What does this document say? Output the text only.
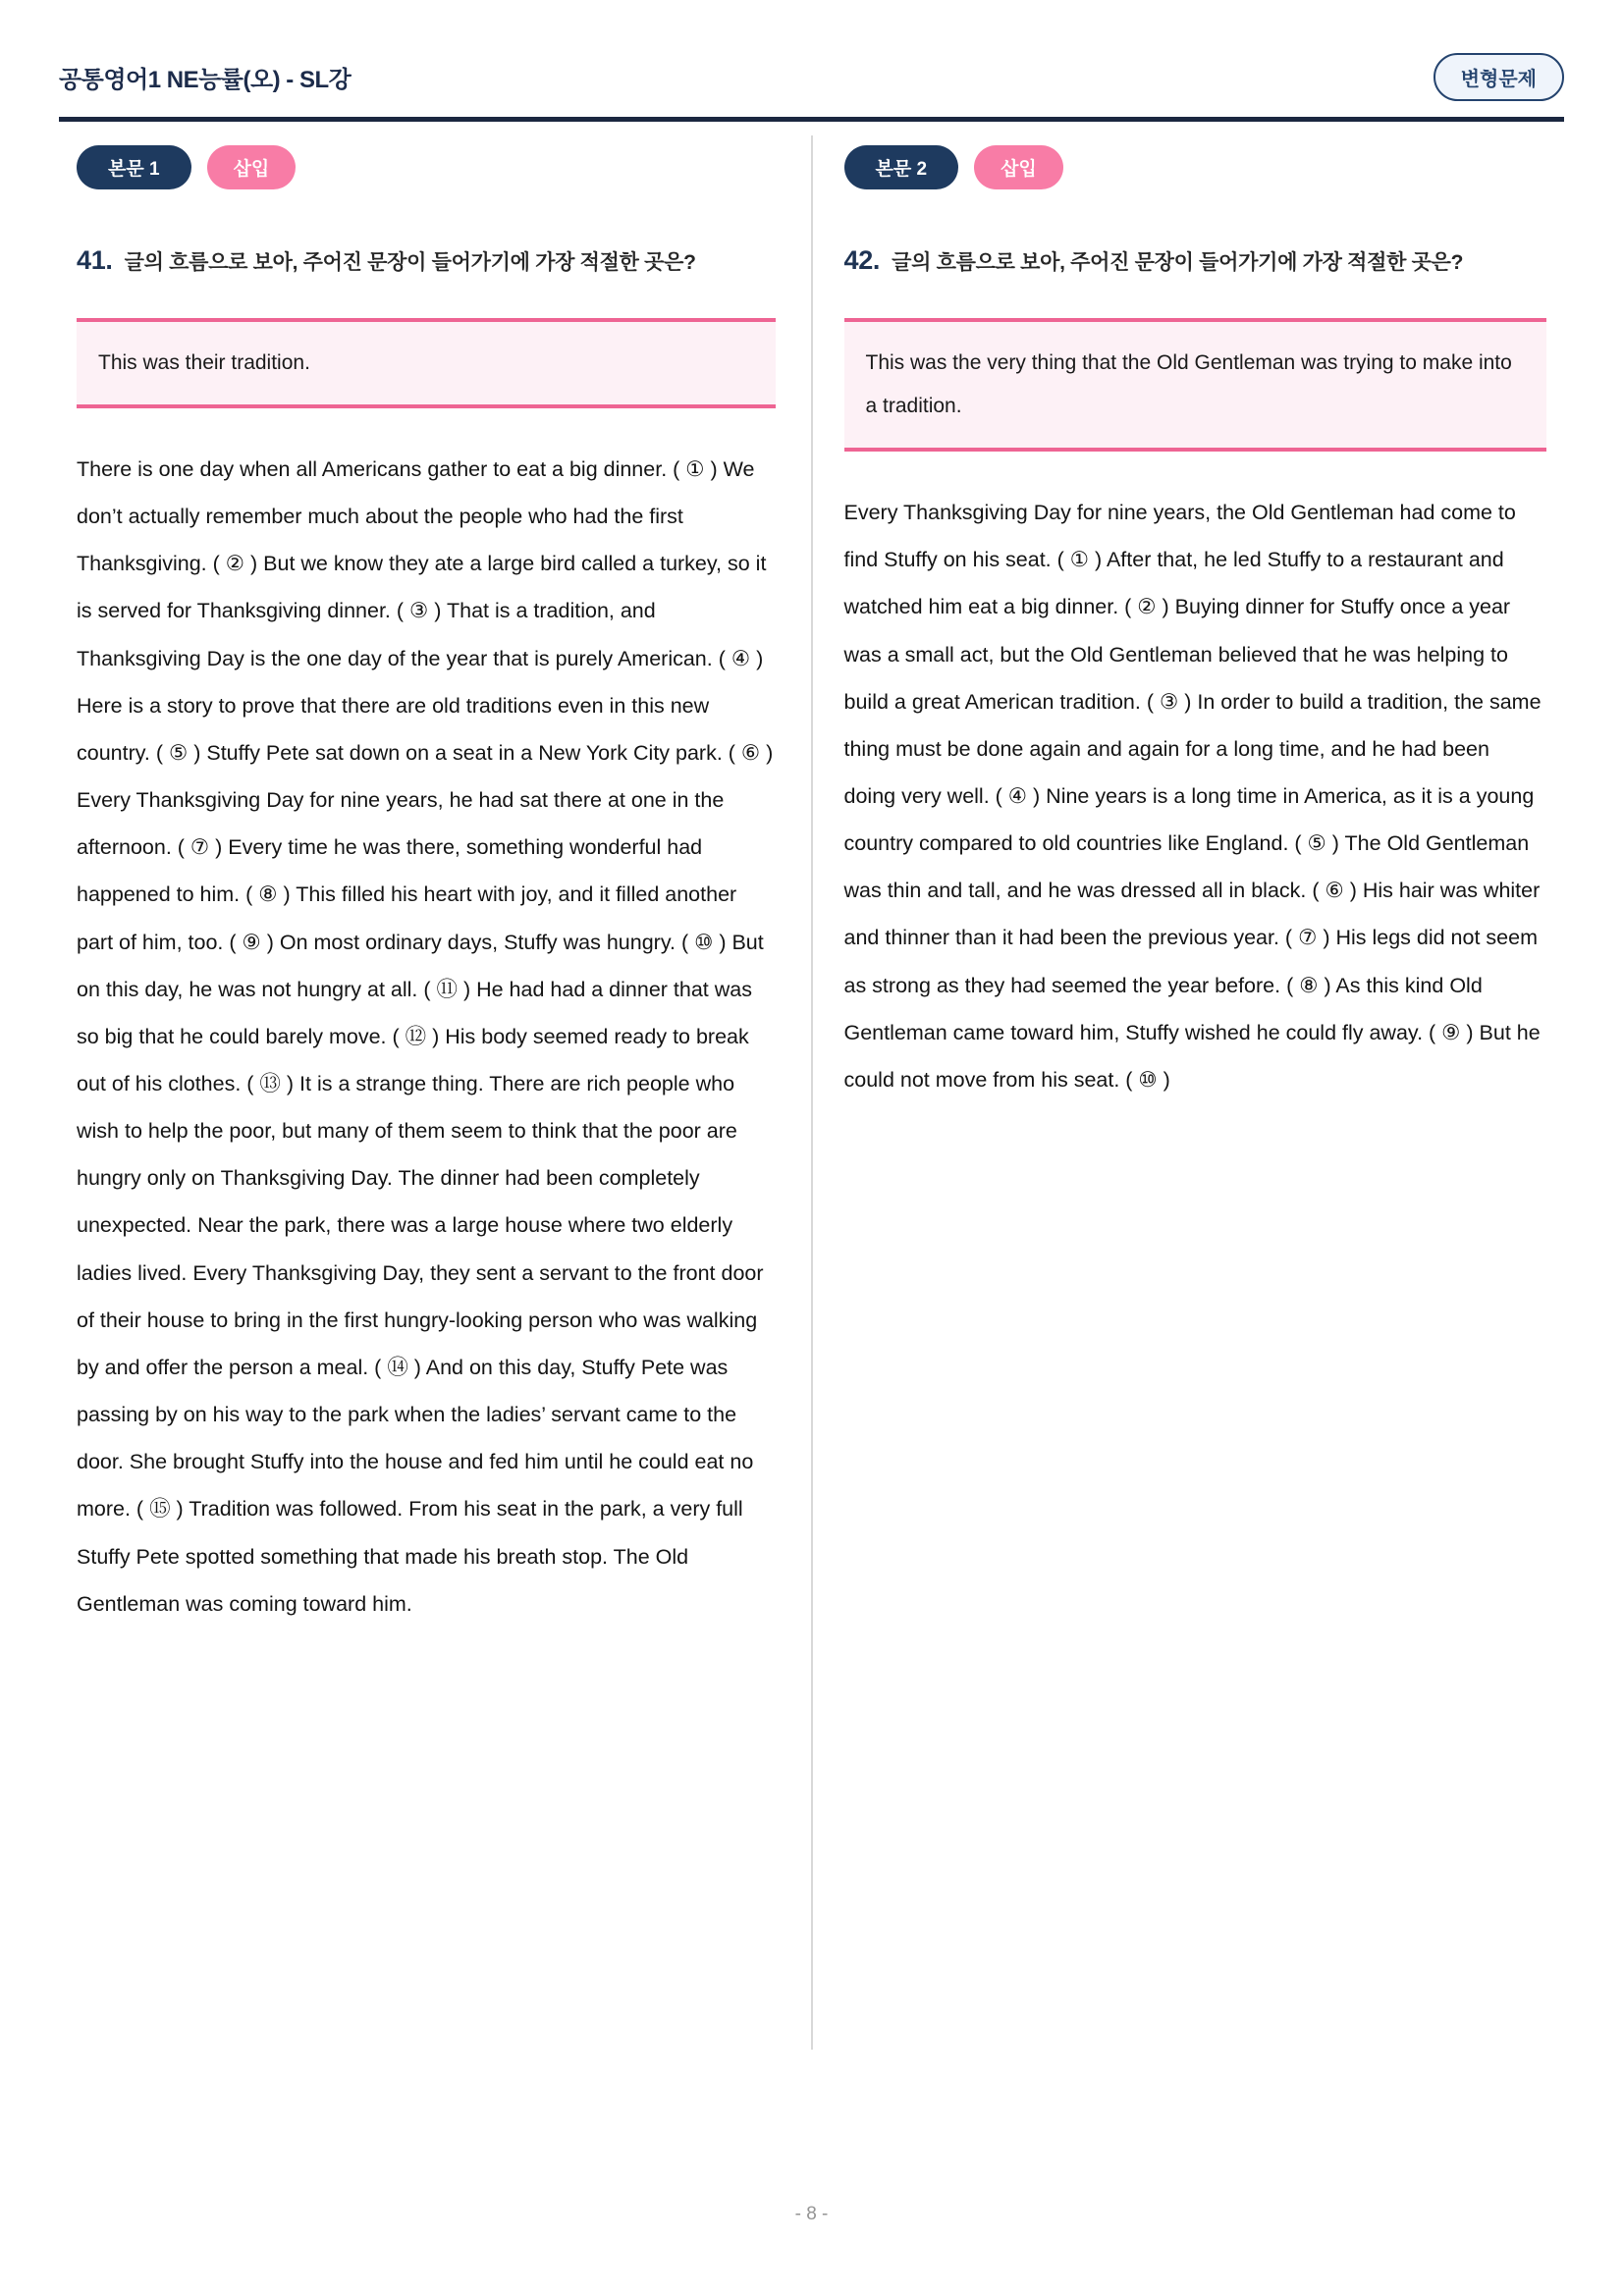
공통영어1 NE능률(오) - SL강	변형문제
본문 1	삽입
41. 글의 흐름으로 보아, 주어진 문장이 들어가기에 가장 적절한 곳은?

This was their tradition.

There is one day when all Americans gather to eat a big dinner. ( ① ) We don’t actually remember much about the people who had the first Thanksgiving. ( ② ) But we know they ate a large bird called a turkey, so it is served for Thanksgiving dinner. ( ③ ) That is a tradition, and Thanksgiving Day is the one day of the year that is purely American. ( ④ ) Here is a story to prove that there are old traditions even in this new country. ( ⑤ ) Stuffy Pete sat down on a seat in a New York City park. ( ⑥ ) Every Thanksgiving Day for nine years, he had sat there at one in the afternoon. ( ⑦ ) Every time he was there, something wonderful had happened to him. ( ⑧ ) This filled his heart with joy, and it filled another part of him, too. ( ⑨ ) On most ordinary days, Stuffy was hungry. ( ⑩ ) But on this day, he was not hungry at all. ( ⑪ ) He had had a dinner that was so big that he could barely move. ( ⑫ ) His body seemed ready to break out of his clothes. ( ⑬ ) It is a strange thing. There are rich people who wish to help the poor, but many of them seem to think that the poor are hungry only on Thanksgiving Day. The dinner had been completely unexpected. Near the park, there was a large house where two elderly ladies lived. Every Thanksgiving Day, they sent a servant to the front door of their house to bring in the first hungry-looking person who was walking by and offer the person a meal. ( ⑭ ) And on this day, Stuffy Pete was passing by on his way to the park when the ladies’ servant came to the door. She brought Stuffy into the house and fed him until he could eat no more. ( ⑮ ) Tradition was followed. From his seat in the park, a very full Stuffy Pete spotted something that made his breath stop. The Old Gentleman was coming toward him.

본문 2	삽입
42. 글의 흐름으로 보아, 주어진 문장이 들어가기에 가장 적절한 곳은?

This was the very thing that the Old Gentleman was trying to make into a tradition.

Every Thanksgiving Day for nine years, the Old Gentleman had come to find Stuffy on his seat. ( ① ) After that, he led Stuffy to a restaurant and watched him eat a big dinner. ( ② ) Buying dinner for Stuffy once a year was a small act, but the Old Gentleman believed that he was helping to build a great American tradition. ( ③ ) In order to build a tradition, the same thing must be done again and again for a long time, and he had been doing very well. ( ④ ) Nine years is a long time in America, as it is a young country compared to old countries like England. ( ⑤ ) The Old Gentleman was thin and tall, and he was dressed all in black. ( ⑥ ) His hair was whiter and thinner than it had been the previous year. ( ⑦ ) His legs did not seem as strong as they had seemed the year before. ( ⑧ ) As this kind Old Gentleman came toward him, Stuffy wished he could fly away. ( ⑨ ) But he could not move from his seat. ( ⑩ )

- 8 -
